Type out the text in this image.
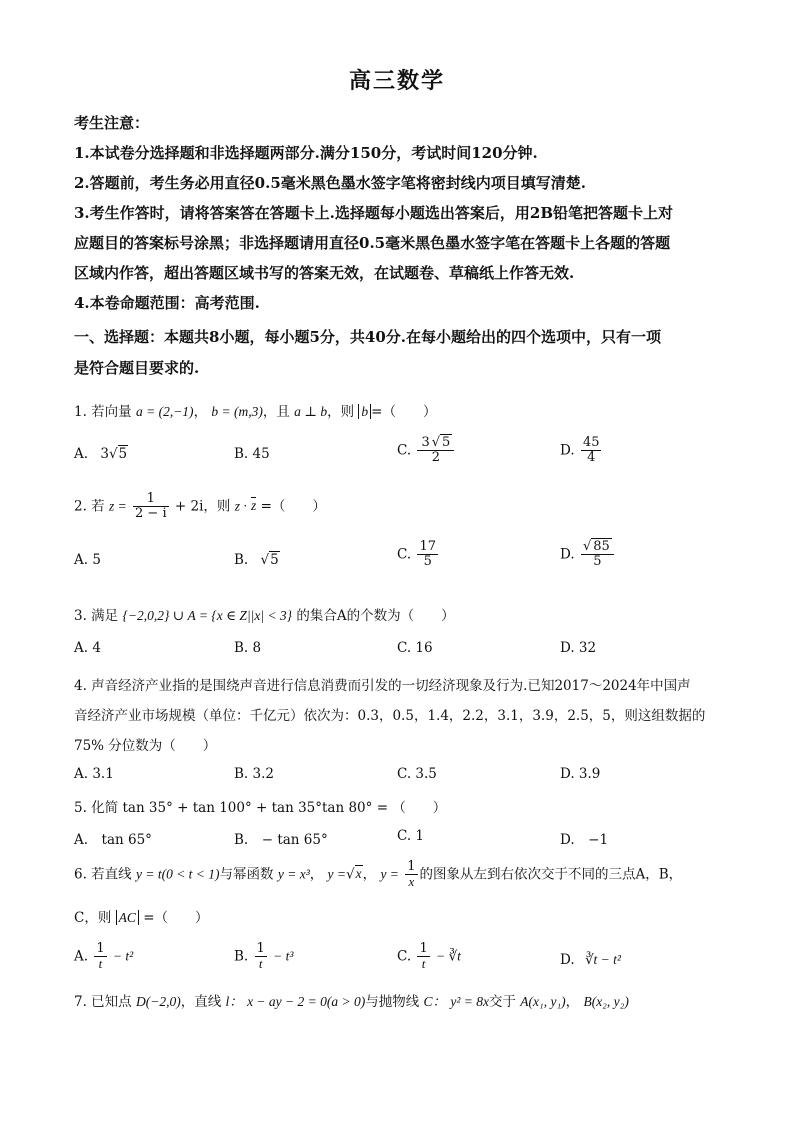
高三数学
考生注意：
1.本试卷分选择题和非选择题两部分.满分150分，考试时间120分钟.
2.答题前，考生务必用直径0.5毫米黑色墨水签字笔将密封线内项目填写清楚.
3.考生作答时，请将答案答在答题卡上.选择题每小题选出答案后，用2B铅笔把答题卡上对
应题目的答案标号涂黑；非选择题请用直径0.5毫米黑色墨水签字笔在答题卡上各题的答题
区域内作答，超出答题区域书写的答案无效，在试题卷、草稿纸上作答无效.
4.本卷命题范围：高考范围.
一、选择题：本题共8小题，每小题5分，共40分.在每小题给出的四个选项中，只有一项
是符合题目要求的.
1. 若向量 a = (2,−1)， b = (m,3)，且 a ⊥ b，则 b =（　　）
A. 3√5	B. 45	C. $\frac{3 √ 5}{2}$	D. $\frac{45}{4}$
2. 若 $z = \frac{1}{2 - i} + 2i$，则 z · z =（　　）
A. 5	B. √5	C. $\frac{17}{5}$	D. $\frac{√ 85}{5}$
3. 满足 {−2,0,2} ∪ A = {x ∈ Z||x| < 3} 的集合A的个数为（　　）
A. 4	B. 8	C. 16	D. 32
4. 声音经济产业指的是围绕声音进行信息消费而引发的一切经济现象及行为.已知2017～2024年中国声
音经济产业市场规模（单位：千亿元）依次为：0.3，0.5，1.4，2.2，3.1，3.9，2.5，5，则这组数据的
75% 分位数为（　　）
A. 3.1	B. 3.2	C. 3.5	D. 3.9
5. 化简 tan 35° + tan 100° + tan 35°tan 80° = （　　）
A.　tan 65°	B.　− tan 65°	C. 1	D.　−1
6. 若直线 y = t(0 < t < 1)与幂函数 y = x³， y =√x， $y = \frac{1}{x}$ 的图象从左到右依次交于不同的三点A，B，
C，则 AC =（　　）
A. $\frac{1}{t} - t^2$	B. $\frac{1}{t} - t^3$	C. $\frac{1}{t}$ − ∛t	D. ∛t − t²
7. 已知点 D(−2,0)，直线 l： x − ay − 2 = 0(a > 0)与抛物线 C： y² = 8x交于 A(x₁, y₁)， B(x₂, y₂)
